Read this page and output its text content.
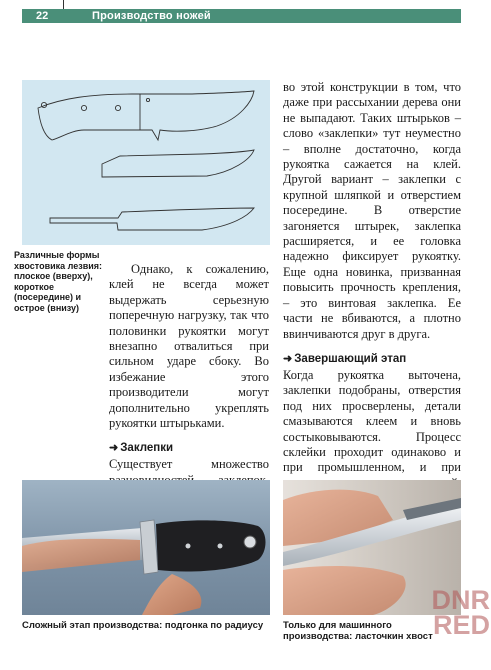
22	Производство ножей
Различные формы хвостовика лезвия: плоское (вверху), короткое (посередине) и острое (внизу)

Однако, к сожалению, клей не всегда может выдержать серьезную поперечную нагрузку, так что половинки рукоятки могут внезапно отвалиться при сильном ударе сбоку. Во избежание этого производители могут дополнительно укреплять рукоятки штырьками.

➜ Заклепки

Существует множество

во этой конструкции в том, что даже при рассыхании дерева они не выпадают. Таких штырьков – слово «заклепки» тут неуместно – вполне достаточно, когда рукоятка сажается на клей. Другой вариант – заклепки с крупной шляпкой и отверстием посередине. В отверстие загоняется штырек, заклепка расширяется, и ее головка надежно фиксирует рукоятку. Еще одна новинка, призванная повысить прочность крепления, – это винтовая заклепка. Ее части не вбиваются, а плотно ввинчиваются друг в друга.

➜ Завершающий этап

Когда рукоятка выточена, заклепки подобраны, отверстия под них просверлены, детали смазываются клеем и вновь состыковываются. Процесс склейки проходит одинаково и при промышленном, и при

Сложный этап производства: подгонка по радиусу	Только для машинного производства: ласточкин хвост
DNR
RED
